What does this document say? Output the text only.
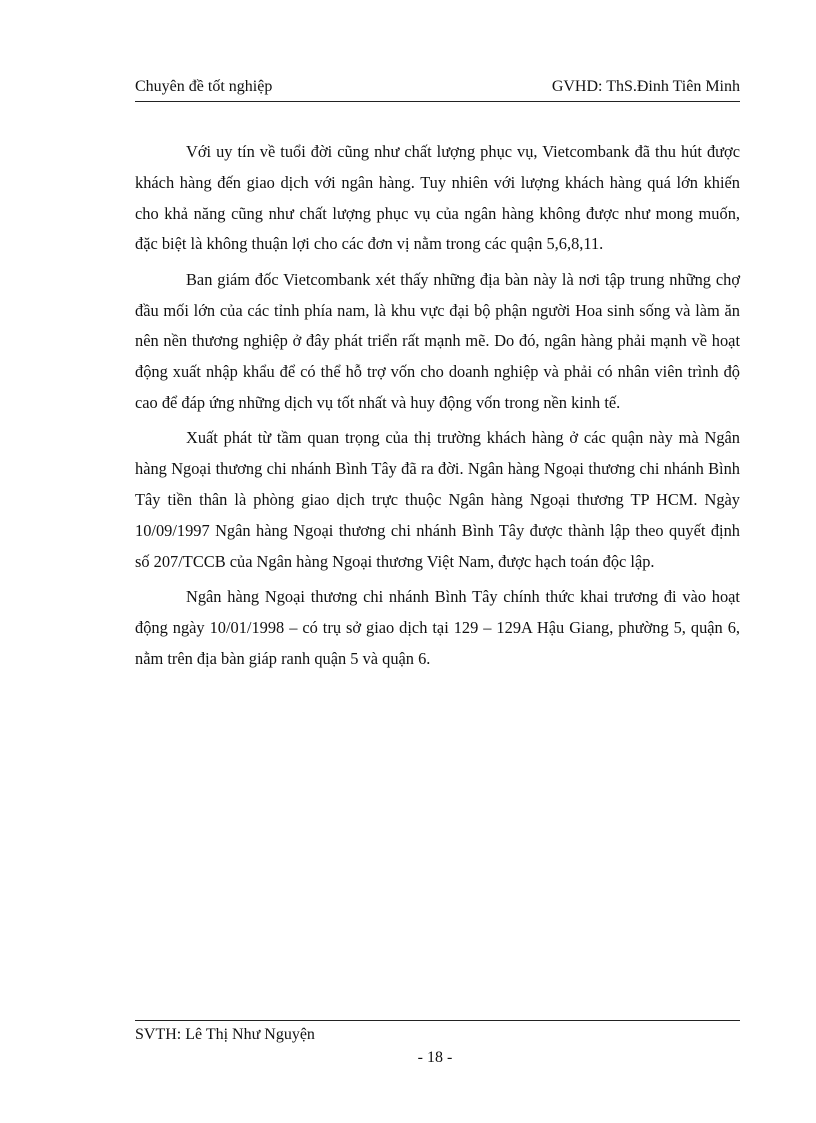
Chuyên đề tốt nghiệp	GVHD: ThS.Đinh Tiên Minh

Với uy tín về tuổi đời cũng như chất lượng phục vụ, Vietcombank đã thu hút được khách hàng đến giao dịch với ngân hàng. Tuy nhiên với lượng khách hàng quá lớn khiến cho khả năng cũng như chất lượng phục vụ của ngân hàng không được như mong muốn, đặc biệt là không thuận lợi cho các đơn vị nằm trong các quận 5,6,8,11.

Ban giám đốc Vietcombank xét thấy những địa bàn này là nơi tập trung những chợ đầu mối lớn của các tỉnh phía nam, là khu vực đại bộ phận người Hoa sinh sống và làm ăn nên nền thương nghiệp ở đây phát triển rất mạnh mẽ. Do đó, ngân hàng phải mạnh về hoạt động xuất nhập khẩu để có thể hỗ trợ vốn cho doanh nghiệp và phải có nhân viên trình độ cao để đáp ứng những dịch vụ tốt nhất và huy động vốn trong nền kinh tế.

Xuất phát từ tầm quan trọng của thị trường khách hàng ở các quận này mà Ngân hàng Ngoại thương chi nhánh Bình Tây đã ra đời. Ngân hàng Ngoại thương chi nhánh Bình Tây tiền thân là phòng giao dịch trực thuộc Ngân hàng Ngoại thương TP HCM. Ngày 10/09/1997 Ngân hàng Ngoại thương chi nhánh Bình Tây được thành lập theo quyết định số 207/TCCB của Ngân hàng Ngoại thương Việt Nam, được hạch toán độc lập.

Ngân hàng Ngoại thương chi nhánh Bình Tây chính thức khai trương đi vào hoạt động ngày 10/01/1998 – có trụ sở giao dịch tại 129 – 129A Hậu Giang, phường 5, quận 6, nằm trên địa bàn giáp ranh quận 5 và quận 6.

SVTH: Lê Thị Như Nguyện
- 18 -
